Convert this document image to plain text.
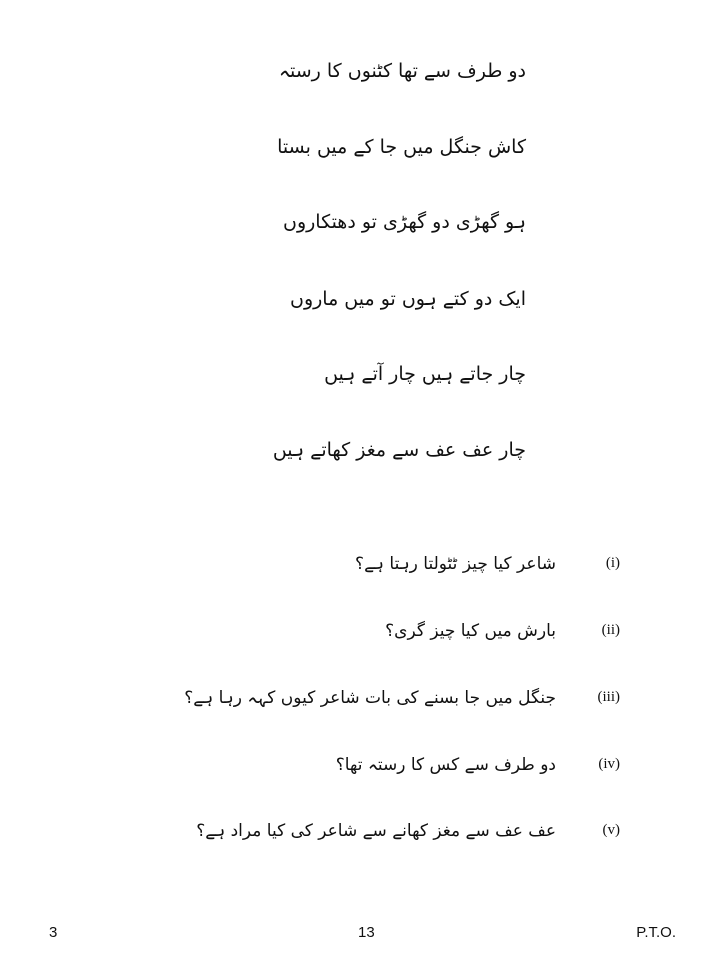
دو طرف سے تھا کٹنوں کا رستہ
کاش جنگل میں جا کے میں بستا
ہو گھڑی دو گھڑی تو دھتکاروں
ایک دو کتے ہوں تو میں ماروں
چار جاتے ہیں چار آتے ہیں
چار عف عف سے مغز کھاتے ہیں
(i)
شاعر کیا چیز ٹٹولتا رہتا ہے؟
(ii)
بارش میں کیا چیز گری؟
(iii)
جنگل میں جا بسنے کی بات شاعر کیوں کہہ رہا ہے؟
(iv)
دو طرف سے کس کا رستہ تھا؟
(v)
عف عف سے مغز کھانے سے شاعر کی کیا مراد ہے؟
3	13	P.T.O.
